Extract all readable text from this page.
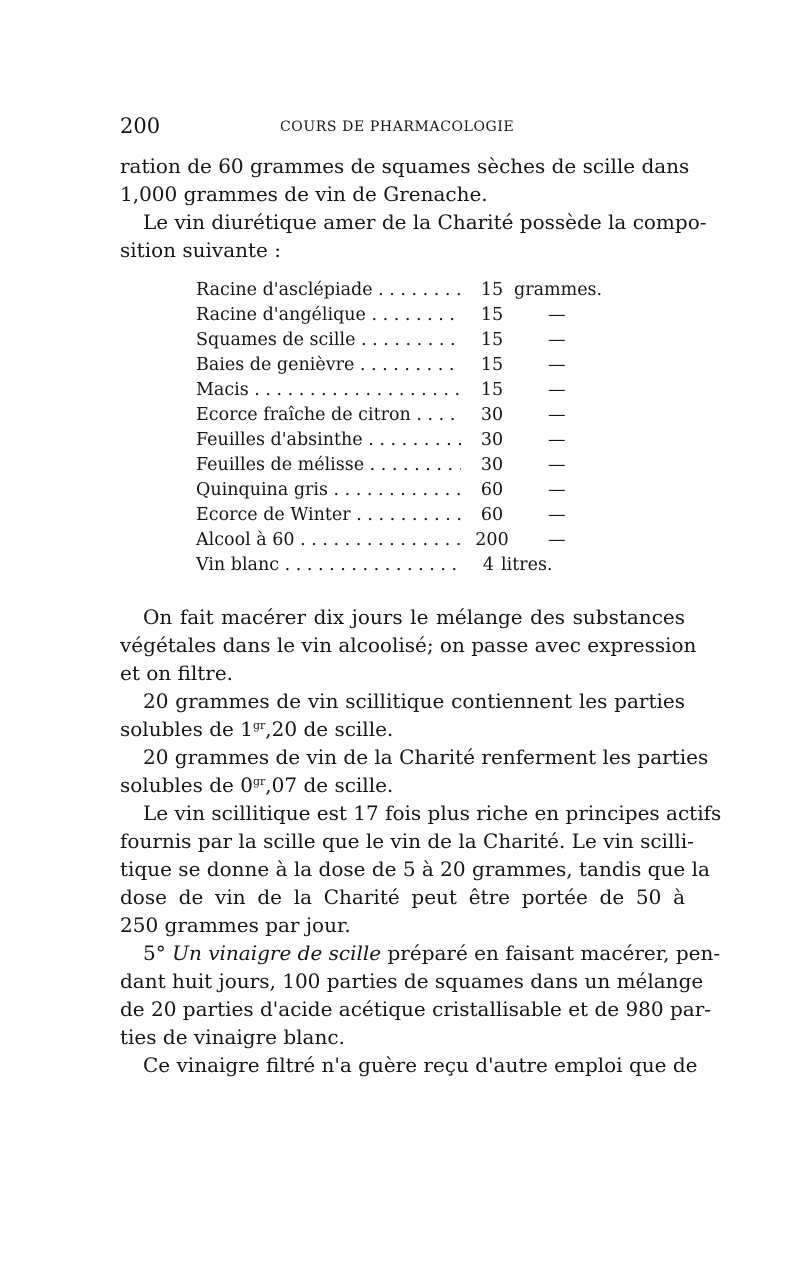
200	COURS DE PHARMACOLOGIE
ration de 60 grammes de squames sèches de scille dans
1,000 grammes de vin de Grenache.
Le vin diurétique amer de la Charité possède la compo-
sition suivante :
Racine d'asclépiade . . .	15 grammes.
Racine d'angélique . . .	15	—
Squames de scille . . .	15	—
Baies de genièvre . . .	15	—
Macis . . .	15	—
Ecorce fraîche de citron . . .	30	—
Feuilles d'absinthe . . .	30	—
Feuilles de mélisse . . .	30	—
Quinquina gris . . .	60	—
Ecorce de Winter . . .	60	—
Alcool à 60 . . .	200	—
Vin blanc . . .	4 litres.
On fait macérer dix jours le mélange des substances
végétales dans le vin alcoolisé; on passe avec expression
et on filtre.
20 grammes de vin scillitique contiennent les parties
solubles de $1^{gr},20$ de scille.
20 grammes de vin de la Charité renferment les parties
solubles de $0^{gr},07$ de scille.
Le vin scillitique est 17 fois plus riche en principes actifs
fournis par la scille que le vin de la Charité. Le vin scilli-
tique se donne à la dose de 5 à 20 grammes, tandis que la
dose de vin de la Charité peut être portée de 50 à
250 grammes par jour.
5° Un vinaigre de scille préparé en faisant macérer, pen-
dant huit jours, 100 parties de squames dans un mélange
de 20 parties d'acide acétique cristallisable et de 980 par-
ties de vinaigre blanc.
Ce vinaigre filtré n'a guère reçu d'autre emploi que de
